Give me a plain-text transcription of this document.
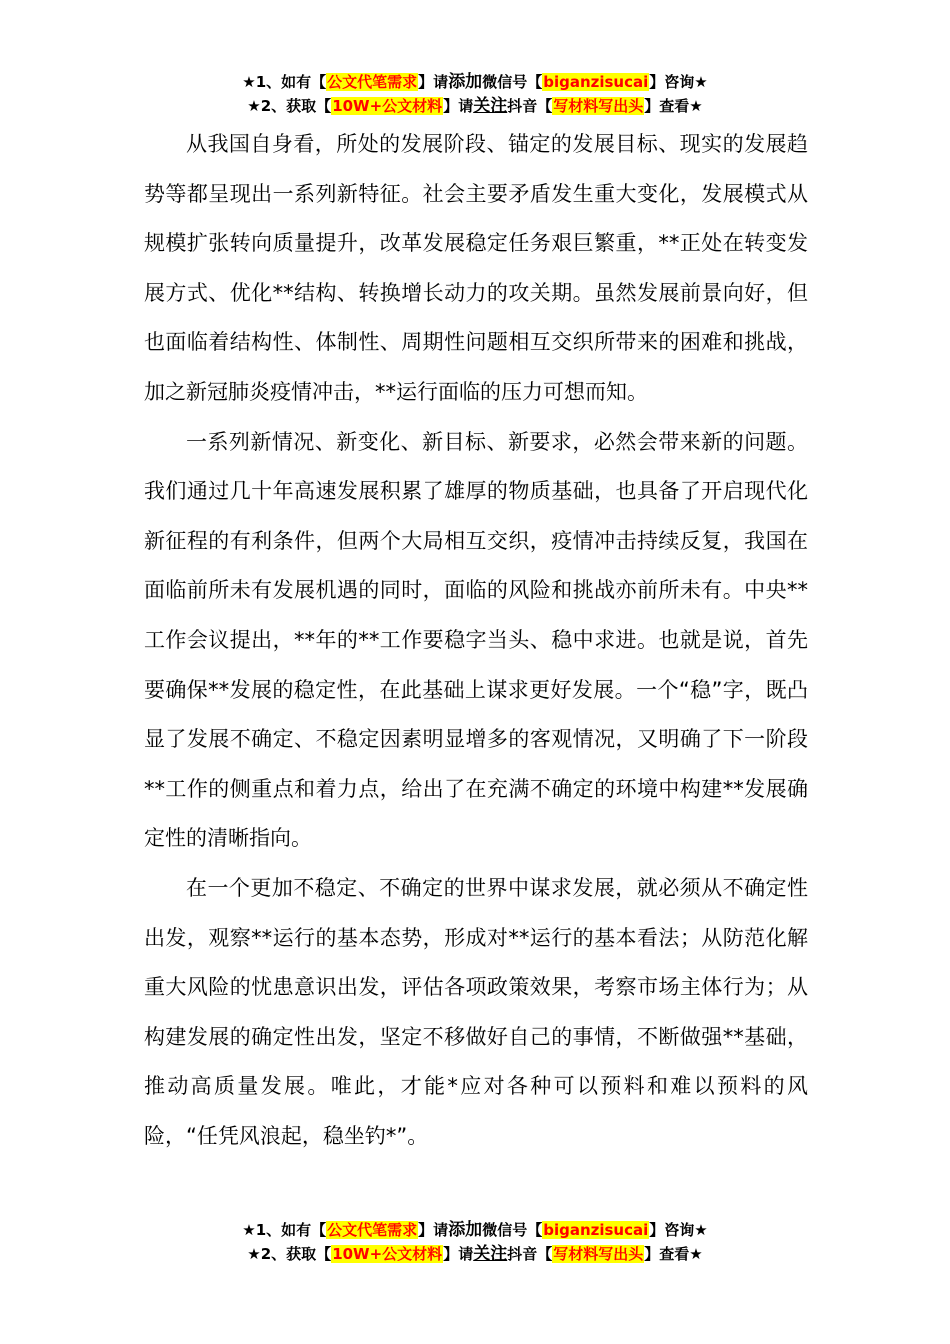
★1、如有【公文代笔需求】请添加微信号【biganzisucai】咨询★
★2、获取【10W+公文材料】请关注抖音【写材料写出头】查看★

从我国自身看，所处的发展阶段、锚定的发展目标、现实的发展趋势等都呈现出一系列新特征。社会主要矛盾发生重大变化，发展模式从规模扩张转向质量提升，改革发展稳定任务艰巨繁重，**正处在转变发展方式、优化**结构、转换增长动力的攻关期。虽然发展前景向好，但也面临着结构性、体制性、周期性问题相互交织所带来的困难和挑战，加之新冠肺炎疫情冲击，**运行面临的压力可想而知。

一系列新情况、新变化、新目标、新要求，必然会带来新的问题。我们通过几十年高速发展积累了雄厚的物质基础，也具备了开启现代化新征程的有利条件，但两个大局相互交织，疫情冲击持续反复，我国在面临前所未有发展机遇的同时，面临的风险和挑战亦前所未有。中央**工作会议提出，**年的**工作要稳字当头、稳中求进。也就是说，首先要确保**发展的稳定性，在此基础上谋求更好发展。一个“稳”字，既凸显了发展不确定、不稳定因素明显增多的客观情况，又明确了下一阶段**工作的侧重点和着力点，给出了在充满不确定的环境中构建**发展确定性的清晰指向。

在一个更加不稳定、不确定的世界中谋求发展，就必须从不确定性出发，观察**运行的基本态势，形成对**运行的基本看法；从防范化解重大风险的忧患意识出发，评估各项政策效果，考察市场主体行为；从构建发展的确定性出发，坚定不移做好自己的事情，不断做强**基础，推动高质量发展。唯此，才能*应对各种可以预料和难以预料的风险，“任凭风浪起，稳坐钓*”。

★1、如有【公文代笔需求】请添加微信号【biganzisucai】咨询★
★2、获取【10W+公文材料】请关注抖音【写材料写出头】查看★
